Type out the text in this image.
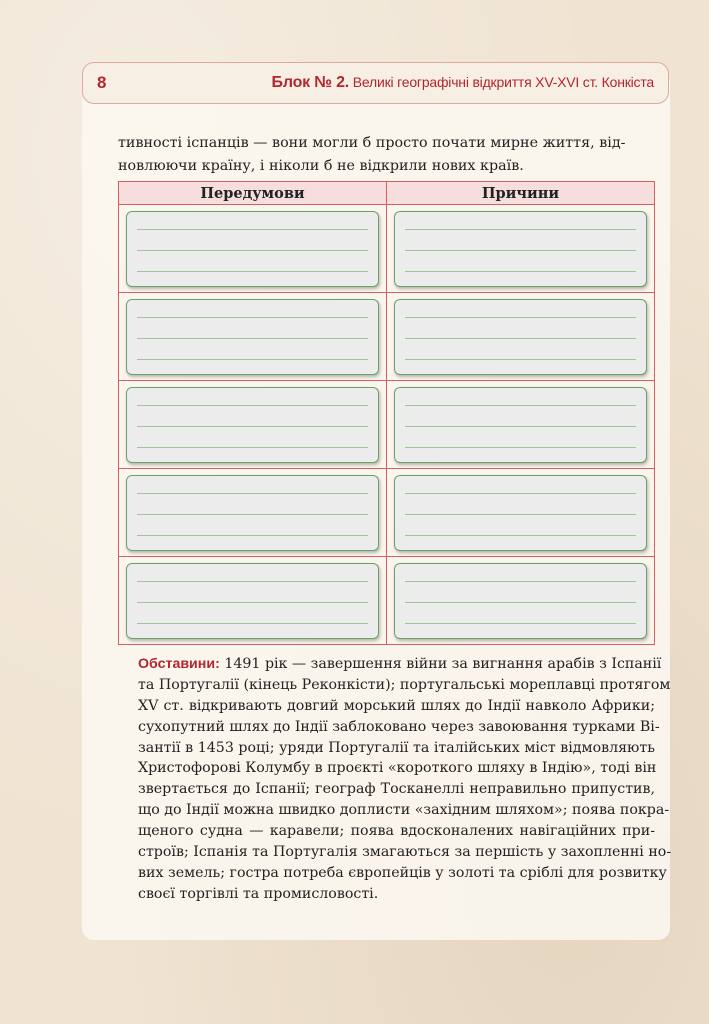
8	Блок № 2. Великі географічні відкриття XV-XVI ст. Конкіста
тивності іспанців — вони могли б просто почати мирне життя, від-
новлюючи країну, і ніколи б не відкрили нових країв.
Передумови	Причини

Обставини: 1491 рік — завершення війни за вигнання арабів з Іспанії
та Португалії (кінець Реконкісти); португальські мореплавці протягом
XV ст. відкривають довгий морський шлях до Індії навколо Африки;
сухопутний шлях до Індії заблоковано через завоювання турками Ві-
зантії в 1453 році; уряди Португалії та італійських міст відмовляють
Христофорові Колумбу в проєкті «короткого шляху в Індію», тоді він
звертається до Іспанії; географ Тосканеллі неправильно припустив,
що до Індії можна швидко доплисти «західним шляхом»; поява покра-
щеного судна — каравели; поява вдосконалених навігаційних при-
строїв; Іспанія та Португалія змагаються за першість у захопленні но-
вих земель; гостра потреба європейців у золоті та сріблі для розвитку
своєї торгівлі та промисловості.
